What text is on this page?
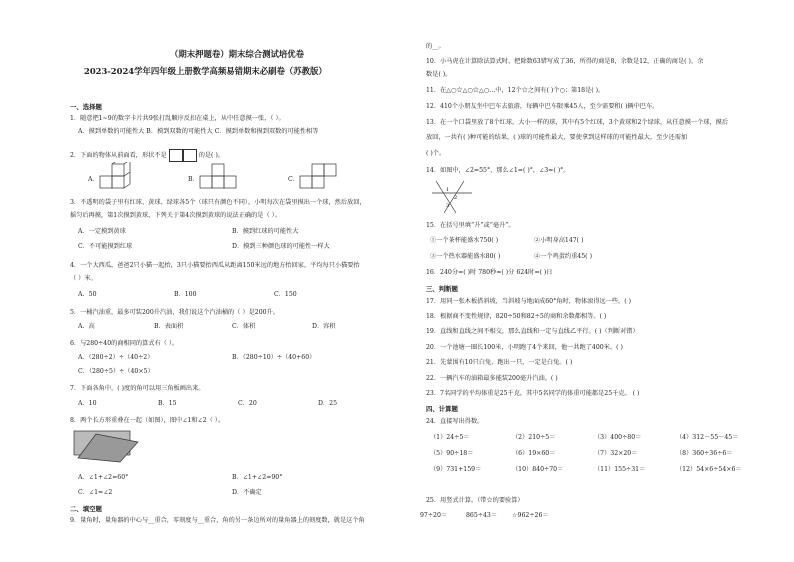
（期末押题卷）期末综合测试培优卷
2023-2024学年四年级上册数学高频易错期末必刷卷（苏教版）
一、选择题
1．随意把1~9的数字卡片共9张打乱顺序反扣在桌上，从中任意摸一张，（ ）。
A．摸到单数的可能性大 B．摸到双数的可能性大 C．摸到单数和摸到双数的可能性相等
2．下面的物体从前面看，形状不是	的是( )。
A．	B．	C．
3．不透明的袋子里有红球、黄球、绿球各5个（球只有颜色不同），小明每次在袋里摸出一个球，然后放回，
摇匀后再摸，第1次摸到黄球，下列关于第4次摸到黄球的说法正确的是（ ）。
A．一定摸到黄球	B．摸到红球的可能性大
C．不可能摸到红球	D．摸到三种颜色球的可能性一样大
4．一个大西瓜，爸爸2只小猫一起抬，3只小猫要抬西瓜从距离150米远的地方抬回家，平均每只小猫要抬
（ ）米。
A．50	B．100	C．150
5．一桶汽油重，最多可装200升汽油，我们说这个汽油桶的（ ）是200升。
A．高	B．表面积	C．体积	D．容积
6．与280÷40的商相同的算式有（ ）。
A．（280÷2）÷（40÷2）	B．（280÷10）÷（40+60）
C．（280÷5）÷（40×5）
7．下面各角中，( )度的角可以用三角板画出来。
A．10	B．15	C．20	D．25
8．两个长方形重叠在一起（如图），图中∠1和∠2（ ）。
A．∠1+∠2=60°	B．∠1+∠2=90°
C．∠1=∠2	D．不确定
二、填空题
9．量角时，量角器的中心与__重合，零刻度与__重合，角的另一条边所对的量角器上的刻度数，就是这个角
的__。
10．小马虎在计算除法算式时，把除数63错写成了36，所得的商是8，余数是12，正确的商是( )，余
数是( )。
11．在△○☆△○☆△○…中，12个☆之间有( )个○；第18是( )。
12．410个小朋友坐中巴车去旅游，每辆中巴车限乘45人，至少需要租( )辆中巴车。
13．在一个口袋里放了8个红球，大小一样的球，其中有5个红球，3个黄球和2个绿球，从任意摸一个球，摸后
放回，一共有( )种可能的结果，( )球的可能性最大，要使拿到这样球的可能性最大，至少还需加
( )个。
14．如图中，∠2=55°，那么∠1=( )°，∠3=( )°。
1
2
3
15．在括号里填“升”或“毫升”。
①一个茶杯能盛水750( )	②小明身高147( )
③一个热水器能盛水80( )	④一个鸡蛋约重45( )
16．240分=( )时 780秒=( )分 624时=( )日
三、判断题
17．用同一张木板搭斜坡，当斜坡与地面成60°角时，物体滚得远一些。( )
18．根据商不变性规律，820÷50和82÷5的商和余数都相等。( )
19．直线和直线之间不相交，那么直线和一定与直线乙平行。( )（判断对错）
20．一个池塘一圈长100米，小明跑了4个来回，他一共跑了400米。( )
21．先蒙围有10只白兔，跑出一只，一定是白兔。( )
22．一辆汽车的油箱最多能装200毫升汽油。( )
23．7名同学的平均体重是25千克，其中5名同学的体重可能都是25千克。 ( )
四、计算题
24．直接写出得数。
（1）24÷5＝	（2）210÷5＝	（3）400÷80＝	（4）312－55－45＝
（5）90÷18＝	（6）19×60＝	（7）32×20＝	（8）360÷36÷6＝
（9）731+159＝	（10）840÷70＝	（11）155÷31＝	（12）54×6÷54×6＝
25．用竖式计算。（带☆的要验算）
97÷20＝	865÷43＝ ☆962÷26＝
